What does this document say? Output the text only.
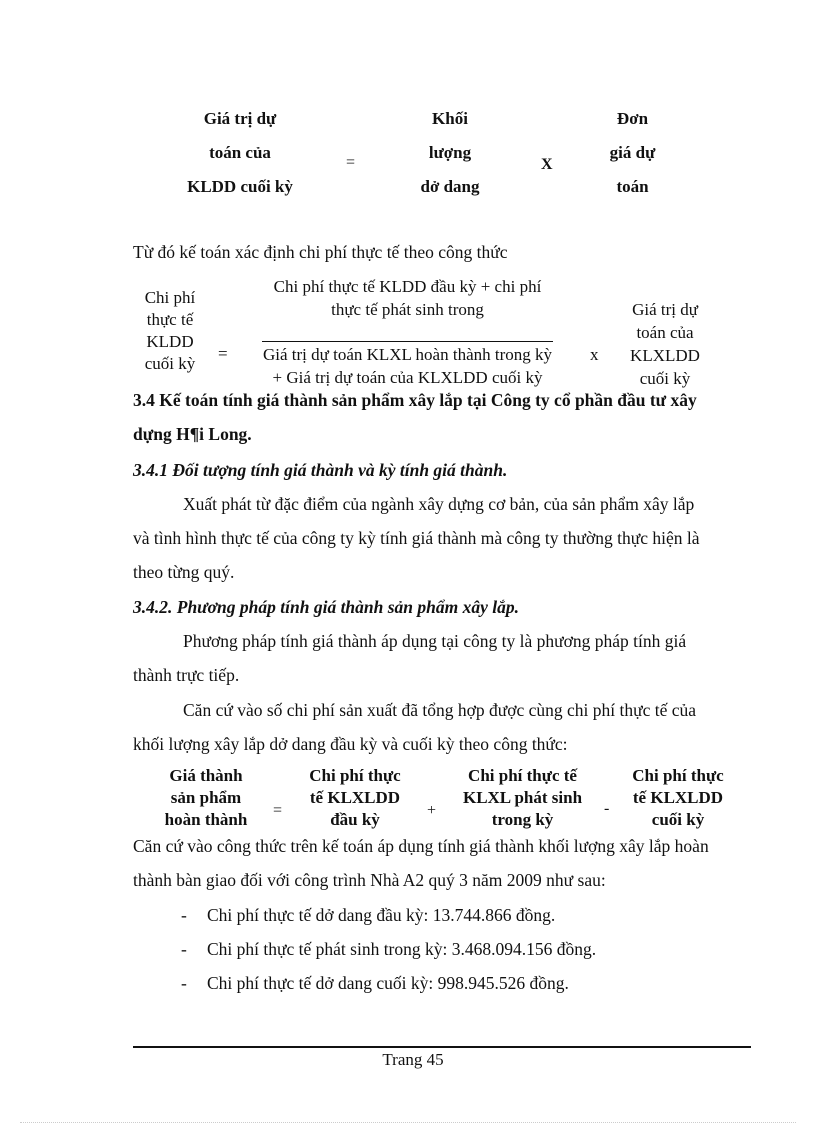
Giá trị dự
toán của
KLDD cuối kỳ
=
Khối
lượng
dở dang
X
Đơn
giá dự
toán
Từ đó kế toán xác định chi phí thực tế theo công thức
Chi phí
thực tế
KLDD
cuối kỳ
=
Chi phí thực tế KLDD đầu kỳ + chi phí
thực tế phát sinh trong
Giá trị dự toán KLXL hoàn thành trong kỳ
+ Giá trị dự toán của KLXLDD cuối kỳ
x
Giá trị dự
toán của
KLXLDD
cuối kỳ
3.4 Kế toán tính giá thành sản phẩm xây lắp tại Công ty cổ phần đầu tư xây
dựng H¶i Long.
3.4.1 Đối tượng tính giá thành và kỳ tính giá thành.
Xuất phát từ đặc điểm của ngành xây dựng cơ bản, của sản phẩm xây lắp
và tình hình thực tế của công ty kỳ tính giá thành mà công ty thường thực hiện là
theo từng quý.
3.4.2. Phương pháp tính giá thành sản phẩm xây lắp.
Phương pháp tính giá thành áp dụng tại công ty là phương pháp tính giá
thành trực tiếp.
Căn cứ vào số chi phí sản xuất đã tổng hợp được cùng chi phí thực tế của
khối lượng xây lắp dở dang đầu kỳ và cuối kỳ theo công thức:
Giá thành
sản phẩm
hoàn thành	=
Chi phí thực
tế KLXLDD
đầu kỳ	+
Chi phí thực tế
KLXL phát sinh
trong kỳ
-
Chi phí thực
tế KLXLDD
cuối kỳ
Căn cứ vào công thức trên kế toán áp dụng tính giá thành khối lượng xây lắp hoàn
thành bàn giao đối với công trình Nhà A2 quý 3 năm 2009 như sau:
- Chi phí thực tế dở dang đầu kỳ: 13.744.866 đồng.
- Chi phí thực tế phát sinh trong kỳ: 3.468.094.156 đồng.
- Chi phí thực tế dở dang cuối kỳ: 998.945.526 đồng.
Trang 45
